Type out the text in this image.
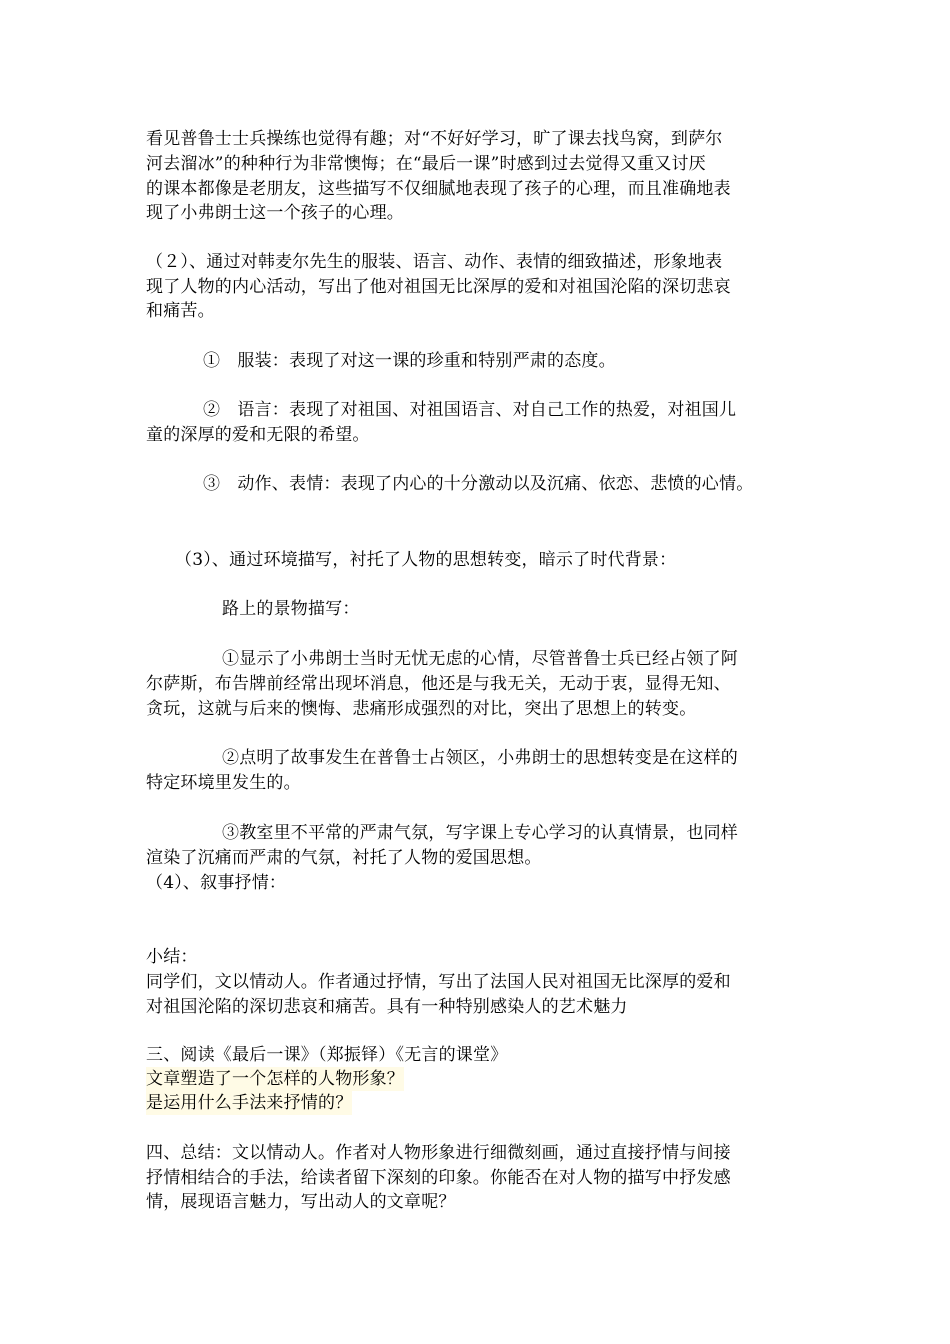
看见普鲁士士兵操练也觉得有趣；对“不好好学习，旷了课去找鸟窝，到萨尔
河去溜冰”的种种行为非常懊悔；在“最后一课”时感到过去觉得又重又讨厌
的课本都像是老朋友，这些描写不仅细腻地表现了孩子的心理，而且准确地表
现了小弗朗士这一个孩子的心理。
（２）、通过对韩麦尔先生的服装、语言、动作、表情的细致描述，形象地表
现了人物的内心活动，写出了他对祖国无比深厚的爱和对祖国沦陷的深切悲哀
和痛苦。
①　服装：表现了对这一课的珍重和特别严肃的态度。
②　语言：表现了对祖国、对祖国语言、对自己工作的热爱，对祖国儿
童的深厚的爱和无限的希望。
③　动作、表情：表现了内心的十分激动以及沉痛、依恋、悲愤的心情。
（3）、通过环境描写，衬托了人物的思想转变，暗示了时代背景：
路上的景物描写：
①显示了小弗朗士当时无忧无虑的心情，尽管普鲁士兵已经占领了阿
尔萨斯，布告牌前经常出现坏消息，他还是与我无关，无动于衷，显得无知、
贪玩，这就与后来的懊悔、悲痛形成强烈的对比，突出了思想上的转变。
②点明了故事发生在普鲁士占领区，小弗朗士的思想转变是在这样的
特定环境里发生的。
③教室里不平常的严肃气氛，写字课上专心学习的认真情景，也同样
渲染了沉痛而严肃的气氛，衬托了人物的爱国思想。
（4）、叙事抒情：
小结：
同学们，文以情动人。作者通过抒情，写出了法国人民对祖国无比深厚的爱和
对祖国沦陷的深切悲哀和痛苦。具有一种特别感染人的艺术魅力
三、阅读《最后一课》（郑振铎）《无言的课堂》
文章塑造了一个怎样的人物形象？
是运用什么手法来抒情的？
四、总结：文以情动人。作者对人物形象进行细微刻画，通过直接抒情与间接
抒情相结合的手法，给读者留下深刻的印象。你能否在对人物的描写中抒发感
情，展现语言魅力，写出动人的文章呢？
